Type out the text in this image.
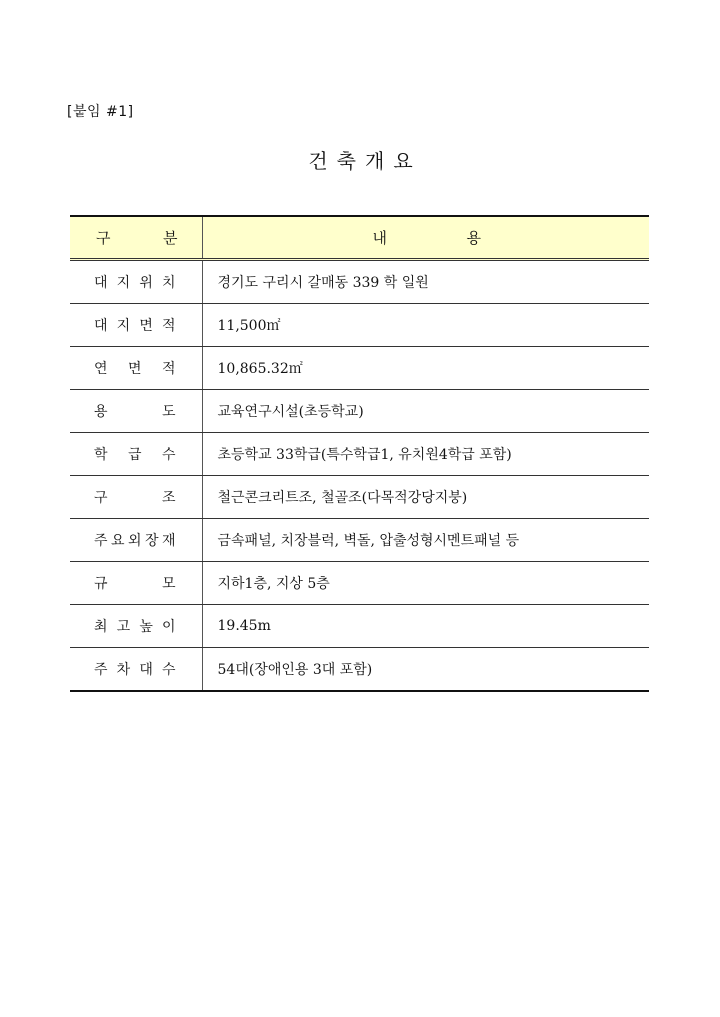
[붙임 #1]
건축개요
구 분	내 용

대 지 위 치	경기도 구리시 갈매동 339 학 일원

대 지 면 적	11,500㎡

연 면 적	10,865.32㎡

용 도	교육연구시설(초등학교)

학 급 수	초등학교 33학급(특수학급1, 유치원4학급 포함)

구 조	철근콘크리트조, 철골조(다목적강당지붕)

주 요 외 장 재	금속패널, 치장블럭, 벽돌, 압출성형시멘트패널 등

규 모	지하1층, 지상 5층

최 고 높 이	19.45m

주 차 대 수	54대(장애인용 3대 포함)
